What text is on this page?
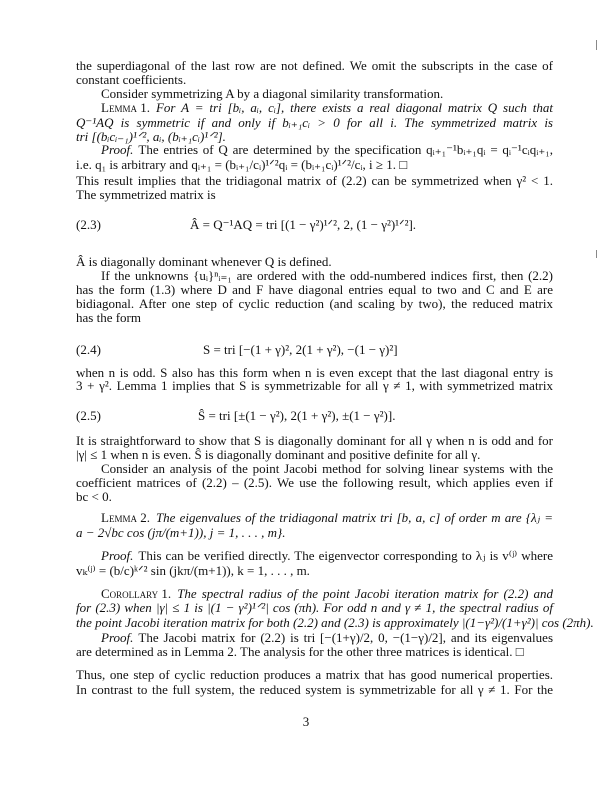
the superdiagonal of the last row are not defined. We omit the subscripts in the case of
constant coefficients.
Consider symmetrizing A by a diagonal similarity transformation.
Lemma 1. For A = tri [bᵢ, aᵢ, cᵢ], there exists a real diagonal matrix Q such that
Q⁻¹AQ is symmetric if and only if bᵢ₊₁cᵢ > 0 for all i. The symmetrized matrix is
tri [(bᵢcᵢ₋₁)¹ᐟ², aᵢ, (bᵢ₊₁cᵢ)¹ᐟ²].
Proof. The entries of Q are determined by the specification qᵢ₊₁⁻¹bᵢ₊₁qᵢ = qᵢ⁻¹cᵢqᵢ₊₁,
i.e. q₁ is arbitrary and qᵢ₊₁ = (bᵢ₊₁/cᵢ)¹ᐟ²qᵢ = (bᵢ₊₁cᵢ)¹ᐟ²/cᵢ, i ≥ 1. □
This result implies that the tridiagonal matrix of (2.2) can be symmetrized when γ² < 1.
The symmetrized matrix is
(2.3)	Â = Q⁻¹AQ = tri [(1 − γ²)¹ᐟ², 2, (1 − γ²)¹ᐟ²].
Â is diagonally dominant whenever Q is defined.
If the unknowns {uᵢ}ⁿᵢ₌₁ are ordered with the odd-numbered indices first, then (2.2)
has the form (1.3) where D and F have diagonal entries equal to two and C and E are
bidiagonal. After one step of cyclic reduction (and scaling by two), the reduced matrix
has the form
(2.4)	S = tri [−(1 + γ)², 2(1 + γ²), −(1 − γ)²]
when n is odd. S also has this form when n is even except that the last diagonal entry is
3 + γ². Lemma 1 implies that S is symmetrizable for all γ ≠ 1, with symmetrized matrix
(2.5)	Ŝ = tri [±(1 − γ²), 2(1 + γ²), ±(1 − γ²)].
It is straightforward to show that S is diagonally dominant for all γ when n is odd and for
|γ| ≤ 1 when n is even. Ŝ is diagonally dominant and positive definite for all γ.
Consider an analysis of the point Jacobi method for solving linear systems with the
coefficient matrices of (2.2) – (2.5). We use the following result, which applies even if
bc < 0.
Lemma 2. The eigenvalues of the tridiagonal matrix tri [b, a, c] of order m are {λⱼ =
a − 2√bc cos (jπ/(m+1)), j = 1, . . . , m}.
Proof. This can be verified directly. The eigenvector corresponding to λⱼ is v⁽ʲ⁾ where
vₖ⁽ʲ⁾ = (b/c)ᵏᐟ² sin (jkπ/(m+1)), k = 1, . . . , m.
Corollary 1. The spectral radius of the point Jacobi iteration matrix for (2.2) and
for (2.3) when |γ| ≤ 1 is |(1 − γ²)¹ᐟ²| cos (πh). For odd n and γ ≠ 1, the spectral radius of
the point Jacobi iteration matrix for both (2.2) and (2.3) is approximately |(1−γ²)/(1+γ²)| cos (2πh).
Proof. The Jacobi matrix for (2.2) is tri [−(1+γ)/2, 0, −(1−γ)/2], and its eigenvalues
are determined as in Lemma 2. The analysis for the other three matrices is identical. □
Thus, one step of cyclic reduction produces a matrix that has good numerical properties.
In contrast to the full system, the reduced system is symmetrizable for all γ ≠ 1. For the
3
